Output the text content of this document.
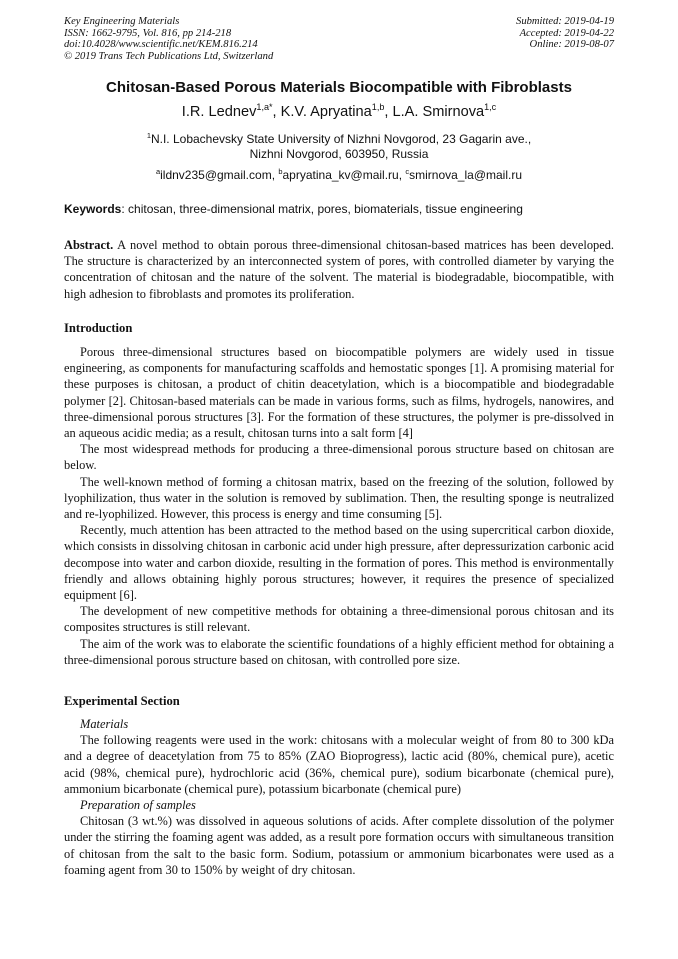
Key Engineering Materials
ISSN: 1662-9795, Vol. 816, pp 214-218
doi:10.4028/www.scientific.net/KEM.816.214
© 2019 Trans Tech Publications Ltd, Switzerland
Submitted: 2019-04-19
Accepted: 2019-04-22
Online: 2019-08-07
Chitosan-Based Porous Materials Biocompatible with Fibroblasts
I.R. Lednev$^{1,a*}$, K.V. Apryatina$^{1,b}$, L.A. Smirnova$^{1,c}$
$^1$N.I. Lobachevsky State University of Nizhni Novgorod, 23 Gagarin ave.,
Nizhni Novgorod, 603950, Russia
$^a$ildnv235@gmail.com, $^b$apryatina_kv@mail.ru, $^c$smirnova_la@mail.ru
Keywords: chitosan, three-dimensional matrix, pores, biomaterials, tissue engineering
Abstract. A novel method to obtain porous three-dimensional chitosan-based matrices has been developed. The structure is characterized by an interconnected system of pores, with controlled diameter by varying the concentration of chitosan and the nature of the solvent. The material is biodegradable, biocompatible, with high adhesion to fibroblasts and promotes its proliferation.
Introduction

Porous three-dimensional structures based on biocompatible polymers are widely used in tissue engineering, as components for manufacturing scaffolds and hemostatic sponges [1]. A promising material for these purposes is chitosan, a product of chitin deacetylation, which is a biocompatible and biodegradable polymer [2]. Chitosan-based materials can be made in various forms, such as films, hydrogels, nanowires, and three-dimensional porous structures [3]. For the formation of these structures, the polymer is pre-dissolved in an aqueous acidic media; as a result, chitosan turns into a salt form [4]

The most widespread methods for producing a three-dimensional porous structure based on chitosan are below.

The well-known method of forming a chitosan matrix, based on the freezing of the solution, followed by lyophilization, thus water in the solution is removed by sublimation. Then, the resulting sponge is neutralized and re-lyophilized. However, this process is energy and time consuming [5].

Recently, much attention has been attracted to the method based on the using supercritical carbon dioxide, which consists in dissolving chitosan in carbonic acid under high pressure, after depressurization carbonic acid decompose into water and carbon dioxide, resulting in the formation of pores. This method is environmentally friendly and allows obtaining highly porous structures; however, it requires the presence of specialized equipment [6].

The development of new competitive methods for obtaining a three-dimensional porous chitosan and its composites structures is still relevant.

The aim of the work was to elaborate the scientific foundations of a highly efficient method for obtaining a three-dimensional porous structure based on chitosan, with controlled pore size.

Experimental Section

Materials

The following reagents were used in the work: chitosans with a molecular weight of from 80 to 300 kDa and a degree of deacetylation from 75 to 85% (ZAO Bioprogress), lactic acid (80%, chemical pure), acetic acid (98%, chemical pure), hydrochloric acid (36%, chemical pure), sodium bicarbonate (chemical pure), ammonium bicarbonate (chemical pure), potassium bicarbonate (chemical pure)

Preparation of samples

Chitosan (3 wt.%) was dissolved in aqueous solutions of acids. After complete dissolution of the polymer under the stirring the foaming agent was added, as a result pore formation occurs with simultaneous transition of chitosan from the salt to the basic form. Sodium, potassium or ammonium bicarbonates were used as a foaming agent from 30 to 150% by weight of dry chitosan.
